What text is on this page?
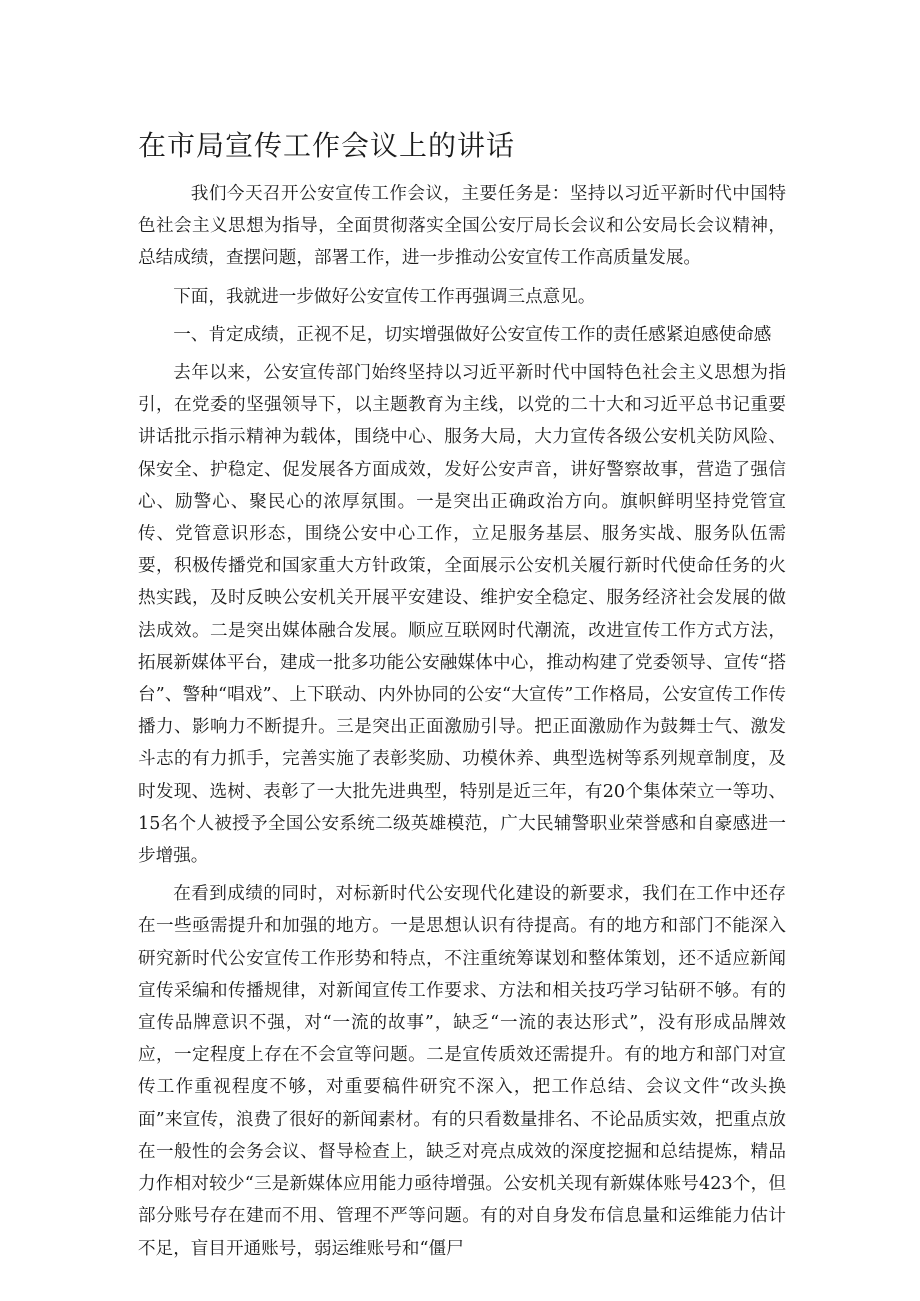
在市局宣传工作会议上的讲话

我们今天召开公安宣传工作会议，主要任务是：坚持以习近平新时代中国特色社会主义思想为指导，全面贯彻落实全国公安厅局长会议和公安局长会议精神，总结成绩，查摆问题，部署工作，进一步推动公安宣传工作高质量发展。

下面，我就进一步做好公安宣传工作再强调三点意见。

一、肯定成绩，正视不足，切实增强做好公安宣传工作的责任感紧迫感使命感

去年以来，公安宣传部门始终坚持以习近平新时代中国特色社会主义思想为指引，在党委的坚强领导下，以主题教育为主线，以党的二十大和习近平总书记重要讲话批示指示精神为载体，围绕中心、服务大局，大力宣传各级公安机关防风险、保安全、护稳定、促发展各方面成效，发好公安声音，讲好警察故事，营造了强信心、励警心、聚民心的浓厚氛围。一是突出正确政治方向。旗帜鲜明坚持党管宣传、党管意识形态，围绕公安中心工作，立足服务基层、服务实战、服务队伍需要，积极传播党和国家重大方针政策，全面展示公安机关履行新时代使命任务的火热实践，及时反映公安机关开展平安建设、维护安全稳定、服务经济社会发展的做法成效。二是突出媒体融合发展。顺应互联网时代潮流，改进宣传工作方式方法，拓展新媒体平台，建成一批多功能公安融媒体中心，推动构建了党委领导、宣传“搭台”、警种“唱戏”、上下联动、内外协同的公安“大宣传”工作格局，公安宣传工作传播力、影响力不断提升。三是突出正面激励引导。把正面激励作为鼓舞士气、激发斗志的有力抓手，完善实施了表彰奖励、功模休养、典型选树等系列规章制度，及时发现、选树、表彰了一大批先进典型，特别是近三年，有20个集体荣立一等功、15名个人被授予全国公安系统二级英雄模范，广大民辅警职业荣誉感和自豪感进一步增强。

在看到成绩的同时，对标新时代公安现代化建设的新要求，我们在工作中还存在一些亟需提升和加强的地方。一是思想认识有待提高。有的地方和部门不能深入研究新时代公安宣传工作形势和特点，不注重统筹谋划和整体策划，还不适应新闻宣传采编和传播规律，对新闻宣传工作要求、方法和相关技巧学习钻研不够。有的宣传品牌意识不强，对“一流的故事”，缺乏“一流的表达形式”，没有形成品牌效应，一定程度上存在不会宣等问题。二是宣传质效还需提升。有的地方和部门对宣传工作重视程度不够，对重要稿件研究不深入，把工作总结、会议文件“改头换面”来宣传，浪费了很好的新闻素材。有的只看数量排名、不论品质实效，把重点放在一般性的会务会议、督导检查上，缺乏对亮点成效的深度挖掘和总结提炼，精品力作相对较少“三是新媒体应用能力亟待增强。公安机关现有新媒体账号423个，但部分账号存在建而不用、管理不严等问题。有的对自身发布信息量和运维能力估计不足，盲目开通账号，弱运维账号和“僵尸
